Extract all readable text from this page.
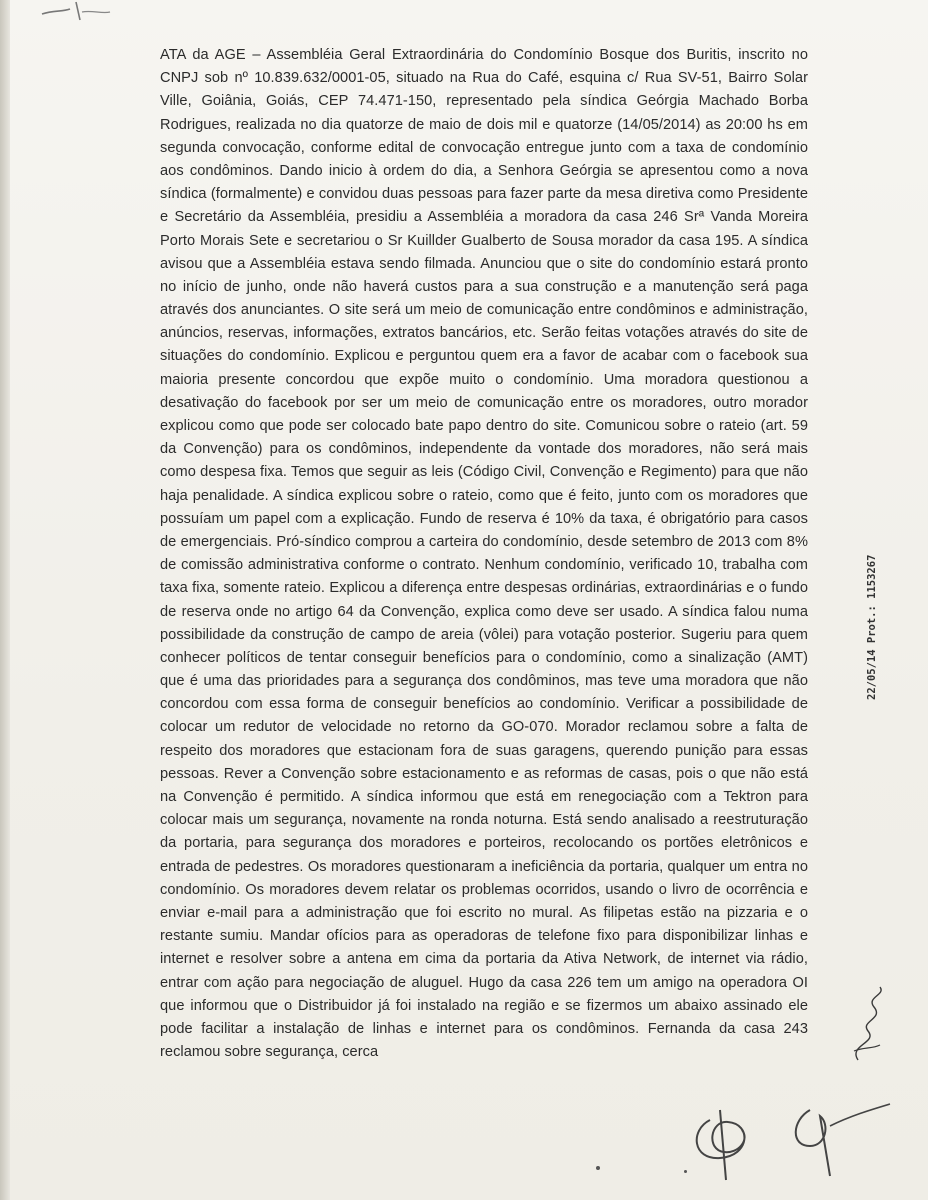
ATA da AGE – Assembléia Geral Extraordinária do Condomínio Bosque dos Buritis, inscrito no CNPJ sob nº 10.839.632/0001-05, situado na Rua do Café, esquina c/ Rua SV-51, Bairro Solar Ville, Goiânia, Goiás, CEP 74.471-150, representado pela síndica Geórgia Machado Borba Rodrigues, realizada no dia quatorze de maio de dois mil e quatorze (14/05/2014) as 20:00 hs em segunda convocação, conforme edital de convocação entregue junto com a taxa de condomínio aos condôminos. Dando inicio à ordem do dia, a Senhora Geórgia se apresentou como a nova síndica (formalmente) e convidou duas pessoas para fazer parte da mesa diretiva como Presidente e Secretário da Assembléia, presidiu a Assembléia a moradora da casa 246 Srª Vanda Moreira Porto Morais Sete e secretariou o Sr Kuillder Gualberto de Sousa morador da casa 195. A síndica avisou que a Assembléia estava sendo filmada. Anunciou que o site do condomínio estará pronto no início de junho, onde não haverá custos para a sua construção e a manutenção será paga através dos anunciantes. O site será um meio de comunicação entre condôminos e administração, anúncios, reservas, informações, extratos bancários, etc. Serão feitas votações através do site de situações do condomínio. Explicou e perguntou quem era a favor de acabar com o facebook sua maioria presente concordou que expõe muito o condomínio. Uma moradora questionou a desativação do facebook por ser um meio de comunicação entre os moradores, outro morador explicou como que pode ser colocado bate papo dentro do site. Comunicou sobre o rateio (art. 59 da Convenção) para os condôminos, independente da vontade dos moradores, não será mais como despesa fixa. Temos que seguir as leis (Código Civil, Convenção e Regimento) para que não haja penalidade. A síndica explicou sobre o rateio, como que é feito, junto com os moradores que possuíam um papel com a explicação. Fundo de reserva é 10% da taxa, é obrigatório para casos de emergenciais. Pró-síndico comprou a carteira do condomínio, desde setembro de 2013 com 8% de comissão administrativa conforme o contrato. Nenhum condomínio, verificado 10, trabalha com taxa fixa, somente rateio. Explicou a diferença entre despesas ordinárias, extraordinárias e o fundo de reserva onde no artigo 64 da Convenção, explica como deve ser usado. A síndica falou numa possibilidade da construção de campo de areia (vôlei) para votação posterior. Sugeriu para quem conhecer políticos de tentar conseguir benefícios para o condomínio, como a sinalização (AMT) que é uma das prioridades para a segurança dos condôminos, mas teve uma moradora que não concordou com essa forma de conseguir benefícios ao condomínio. Verificar a possibilidade de colocar um redutor de velocidade no retorno da GO-070. Morador reclamou sobre a falta de respeito dos moradores que estacionam fora de suas garagens, querendo punição para essas pessoas. Rever a Convenção sobre estacionamento e as reformas de casas, pois o que não está na Convenção é permitido. A síndica informou que está em renegociação com a Tektron para colocar mais um segurança, novamente na ronda noturna. Está sendo analisado a reestruturação da portaria, para segurança dos moradores e porteiros, recolocando os portões eletrônicos e entrada de pedestres. Os moradores questionaram a ineficiência da portaria, qualquer um entra no condomínio. Os moradores devem relatar os problemas ocorridos, usando o livro de ocorrência e enviar e-mail para a administração que foi escrito no mural. As filipetas estão na pizzaria e o restante sumiu. Mandar ofícios para as operadoras de telefone fixo para disponibilizar linhas e internet e resolver sobre a antena em cima da portaria da Ativa Network, de internet via rádio, entrar com ação para negociação de aluguel. Hugo da casa 226 tem um amigo na operadora OI que informou que o Distribuidor já foi instalado na região e se fizermos um abaixo assinado ele pode facilitar a instalação de linhas e internet para os condôminos. Fernanda da casa 243 reclamou sobre segurança, cerca

22/05/14 Prot.: 1153267
